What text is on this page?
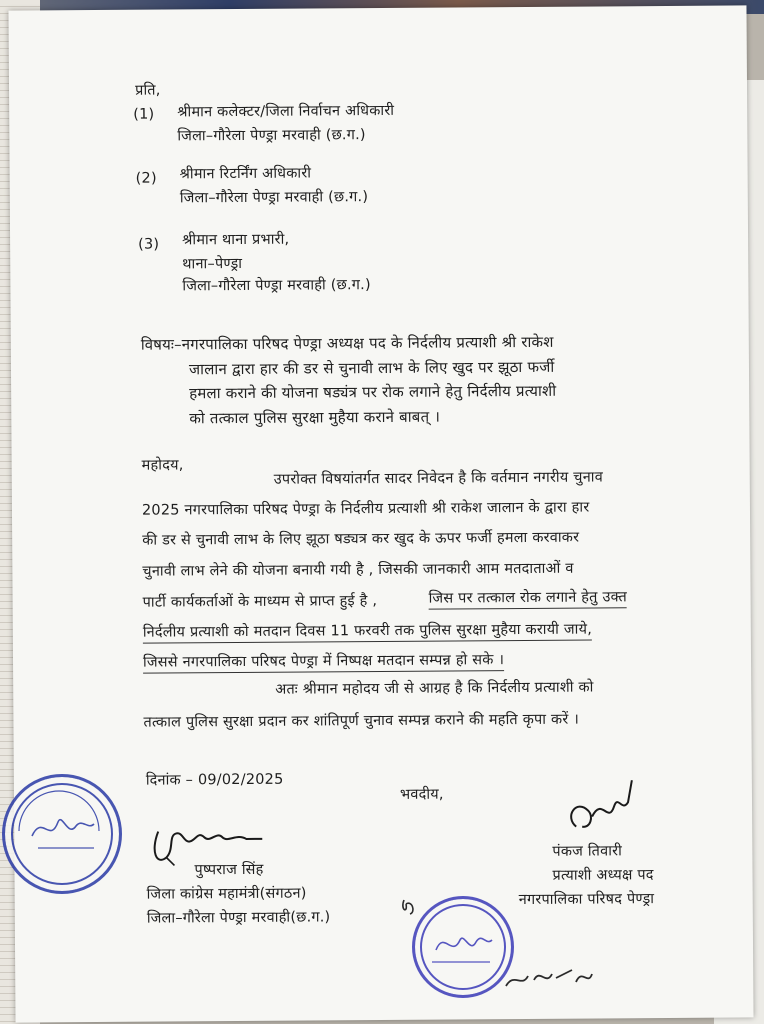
प्रति,
(1) श्रीमान कलेक्टर/जिला निर्वाचन अधिकारी
जिला–गौरेला पेण्ड्रा मरवाही (छ.ग.)
(2) श्रीमान रिटर्निंग अधिकारी
जिला–गौरेला पेण्ड्रा मरवाही (छ.ग.)
(3) श्रीमान थाना प्रभारी,
थाना–पेण्ड्रा
जिला–गौरेला पेण्ड्रा मरवाही (छ.ग.)
विषयः–नगरपालिका परिषद पेण्ड्रा अध्यक्ष पद के निर्दलीय प्रत्याशी श्री राकेश
जालान द्वारा हार की डर से चुनावी लाभ के लिए खुद पर झूठा फर्जी
हमला कराने की योजना षड्यंत्र पर रोक लगाने हेतु निर्दलीय प्रत्याशी
को तत्काल पुलिस सुरक्षा मुहैया कराने बाबत् ।
महोदय,
उपरोक्त विषयांतर्गत सादर निवेदन है कि वर्तमान नगरीय चुनाव
2025 नगरपालिका परिषद पेण्ड्रा के निर्दलीय प्रत्याशी श्री राकेश जालान के द्वारा हार
की डर से चुनावी लाभ के लिए झूठा षड्यत्र कर खुद के ऊपर फर्जी हमला करवाकर
चुनावी लाभ लेने की योजना बनायी गयी है , जिसकी जानकारी आम मतदाताओं व
पार्टी कार्यकर्ताओं के माध्यम से प्राप्त हुई है ,	जिस पर तत्काल रोक लगाने हेतु उक्त
निर्दलीय प्रत्याशी को मतदान दिवस 11 फरवरी तक पुलिस सुरक्षा मुहैया करायी जाये,
जिससे नगरपालिका परिषद पेण्ड्रा में निष्पक्ष मतदान सम्पन्न हो सके ।
अतः श्रीमान महोदय जी से आग्रह है कि निर्दलीय प्रत्याशी को
तत्काल पुलिस सुरक्षा प्रदान कर शांतिपूर्ण चुनाव सम्पन्न कराने की महति कृपा करें ।
दिनांक – 09/02/2025
भवदीय,
पुष्पराज सिंह
जिला कांग्रेस महामंत्री(संगठन)
जिला–गौरेला पेण्ड्रा मरवाही(छ.ग.)
पंकज तिवारी
प्रत्याशी अध्यक्ष पद
नगरपालिका परिषद पेण्ड्रा
